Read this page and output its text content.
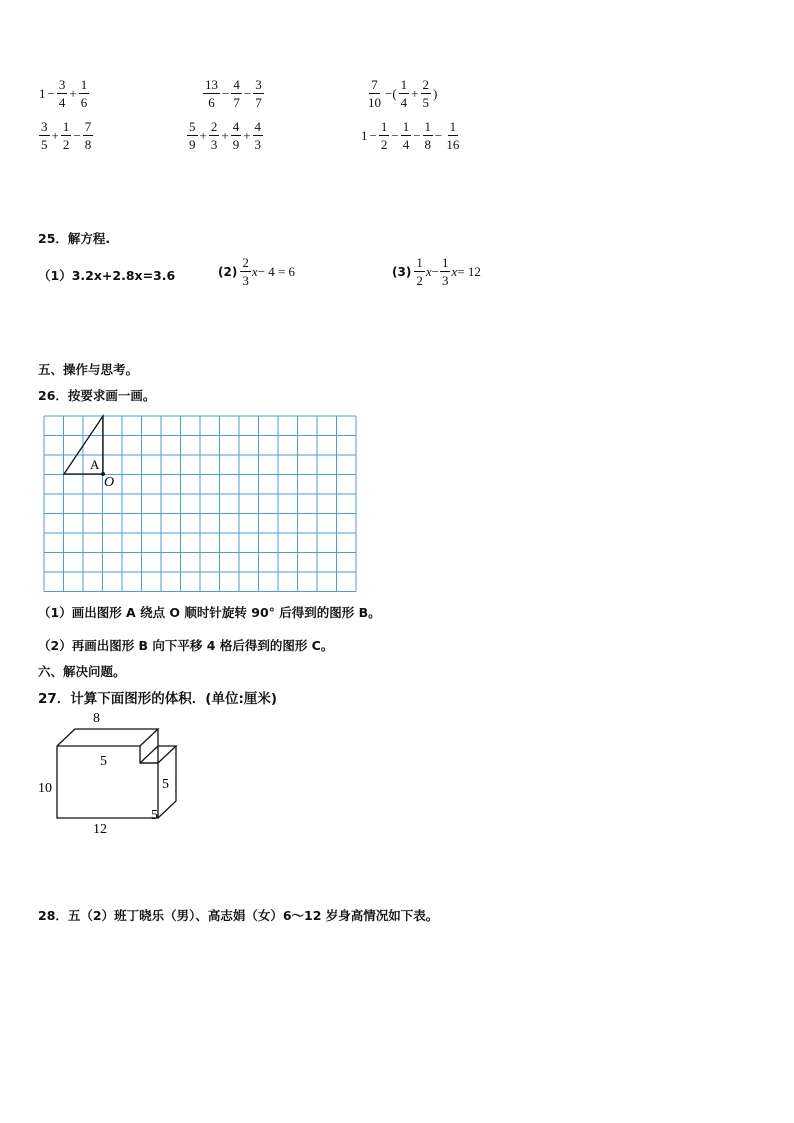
$1 - \frac{3}{4} + \frac{1}{6}$	$\frac{13}{6} - \frac{4}{7} - \frac{3}{7}$	$\frac{7}{10}$ −( $\frac{1}{4} + \frac{2}{5}$ )
$\frac{3}{5} + \frac{1}{2} - \frac{7}{8}$	$\frac{5}{9} + \frac{2}{3} + \frac{4}{9} + \frac{4}{3}$	$1 - \frac{1}{2} - \frac{1}{4} - \frac{1}{8} - \frac{1}{16}$
25．解方程.
（1）3.2x+2.8x=3.6	$(2) \frac{2}{3}$ x − 4 = 6	$(3) \frac{1}{2}$ $x - \frac{1}{3}$ x = 12
五、操作与思考。
26．按要求画一画。
A
O
（1）画出图形 A 绕点 O 顺时针旋转 90° 后得到的图形 B。
（2）再画出图形 B 向下平移 4 格后得到的图形 C。
六、解决问题。
27．计算下面图形的体积．(单位:厘米)
8
5
5
10
12
5
28．五（2）班丁晓乐（男）、高志娟（女）6～12 岁身高情况如下表。
